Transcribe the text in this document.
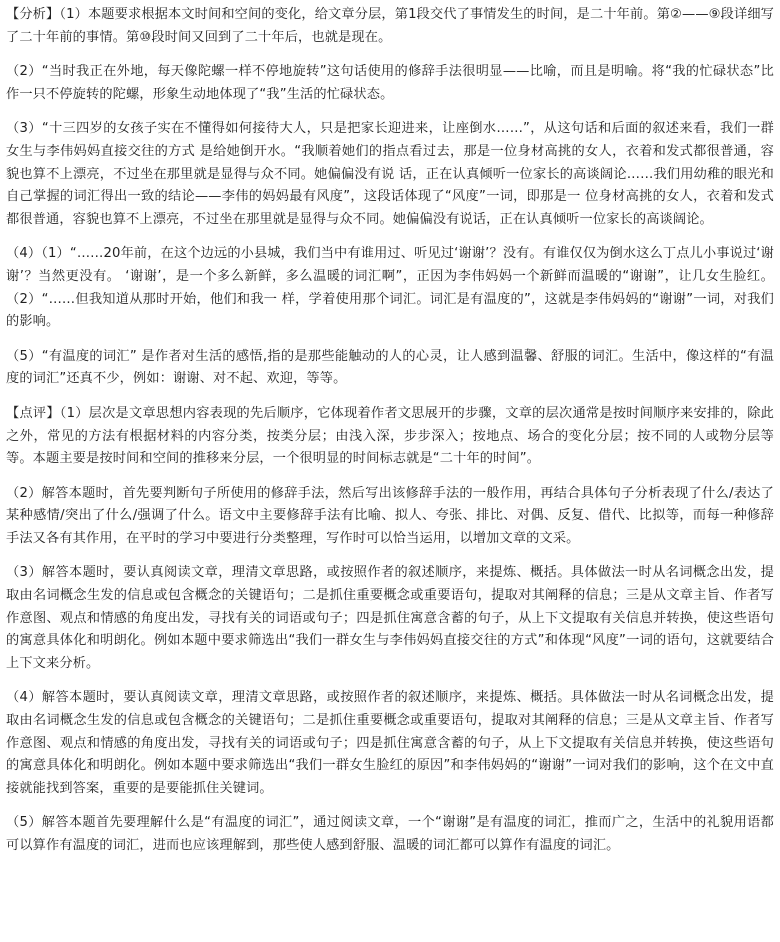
【分析】（1）本题要求根据本文时间和空间的变化，给文章分层，第1段交代了事情发生的时间，是二十年前。第②——⑨段详细写了二十年前的事情。第⑩段时间又回到了二十年后，也就是现在。

（2）“当时我正在外地，每天像陀螺一样不停地旋转”这句话使用的修辞手法很明显——比喻，而且是明喻。将“我的忙碌状态”比作一只不停旋转的陀螺，形象生动地体现了“我”生活的忙碌状态。

（3）“十三四岁的女孩子实在不懂得如何接待大人，只是把家长迎进来，让座倒水……”，从这句话和后面的叙述来看，我们一群女生与李伟妈妈直接交往的方式 是给她倒开水。“我顺着她们的指点看过去，那是一位身材高挑的女人，衣着和发式都很普通，容貌也算不上漂亮，不过坐在那里就是显得与众不同。她偏偏没有说 话，正在认真倾听一位家长的高谈阔论……我们用幼稚的眼光和自己掌握的词汇得出一致的结论——李伟的妈妈最有风度”，这段话体现了“风度”一词，即那是一 位身材高挑的女人，衣着和发式都很普通，容貌也算不上漂亮，不过坐在那里就是显得与众不同。她偏偏没有说话，正在认真倾听一位家长的高谈阔论。

（4）（1）“……20年前，在这个边远的小县城，我们当中有谁用过、听见过‘谢谢’？没有。有谁仅仅为倒水这么丁点儿小事说过‘谢谢’？当然更没有。 ‘谢谢’，是一个多么新鲜，多么温暖的词汇啊”，正因为李伟妈妈一个新鲜而温暖的“谢谢”，让几女生脸红。（2）“……但我知道从那时开始，他们和我一 样，学着使用那个词汇。词汇是有温度的”，这就是李伟妈妈的“谢谢”一词，对我们的影响。

（5）“有温度的词汇” 是作者对生活的感悟,指的是那些能触动的人的心灵，让人感到温馨、舒服的词汇。生活中，像这样的“有温度的词汇”还真不少，例如：谢谢、对不起、欢迎，等等。

【点评】（1）层次是文章思想内容表现的先后顺序，它体现着作者文思展开的步骤，文章的层次通常是按时间顺序来安排的，除此之外，常见的方法有根据材料的内容分类，按类分层；由浅入深，步步深入；按地点、场合的变化分层；按不同的人或物分层等等。本题主要是按时间和空间的推移来分层，一个很明显的时间标志就是“二十年的时间”。

（2）解答本题时，首先要判断句子所使用的修辞手法，然后写出该修辞手法的一般作用，再结合具体句子分析表现了什么/表达了某种感情/突出了什么/强调了什么。语文中主要修辞手法有比喻、拟人、夸张、排比、对偶、反复、借代、比拟等，而每一种修辞手法又各有其作用，在平时的学习中要进行分类整理，写作时可以恰当运用，以增加文章的文采。

（3）解答本题时，要认真阅读文章，理清文章思路，或按照作者的叙述顺序，来提炼、概括。具体做法一时从名词概念出发，提取由名词概念生发的信息或包含概念的关键语句；二是抓住重要概念或重要语句，提取对其阐释的信息；三是从文章主旨、作者写作意图、观点和情感的角度出发，寻找有关的词语或句子；四是抓住寓意含蓄的句子，从上下文提取有关信息并转换，使这些语句的寓意具体化和明朗化。例如本题中要求筛选出“我们一群女生与李伟妈妈直接交往的方式”和体现“风度”一词的语句，这就要结合上下文来分析。

（4）解答本题时，要认真阅读文章，理清文章思路，或按照作者的叙述顺序，来提炼、概括。具体做法一时从名词概念出发，提取由名词概念生发的信息或包含概念的关键语句；二是抓住重要概念或重要语句，提取对其阐释的信息；三是从文章主旨、作者写作意图、观点和情感的角度出发，寻找有关的词语或句子；四是抓住寓意含蓄的句子，从上下文提取有关信息并转换，使这些语句的寓意具体化和明朗化。例如本题中要求筛选出“我们一群女生脸红的原因”和李伟妈妈的“谢谢”一词对我们的影响，这个在文中直接就能找到答案，重要的是要能抓住关键词。

（5）解答本题首先要理解什么是“有温度的词汇”，通过阅读文章，一个“谢谢”是有温度的词汇，推而广之，生活中的礼貌用语都可以算作有温度的词汇，进而也应该理解到，那些使人感到舒服、温暖的词汇都可以算作有温度的词汇。
